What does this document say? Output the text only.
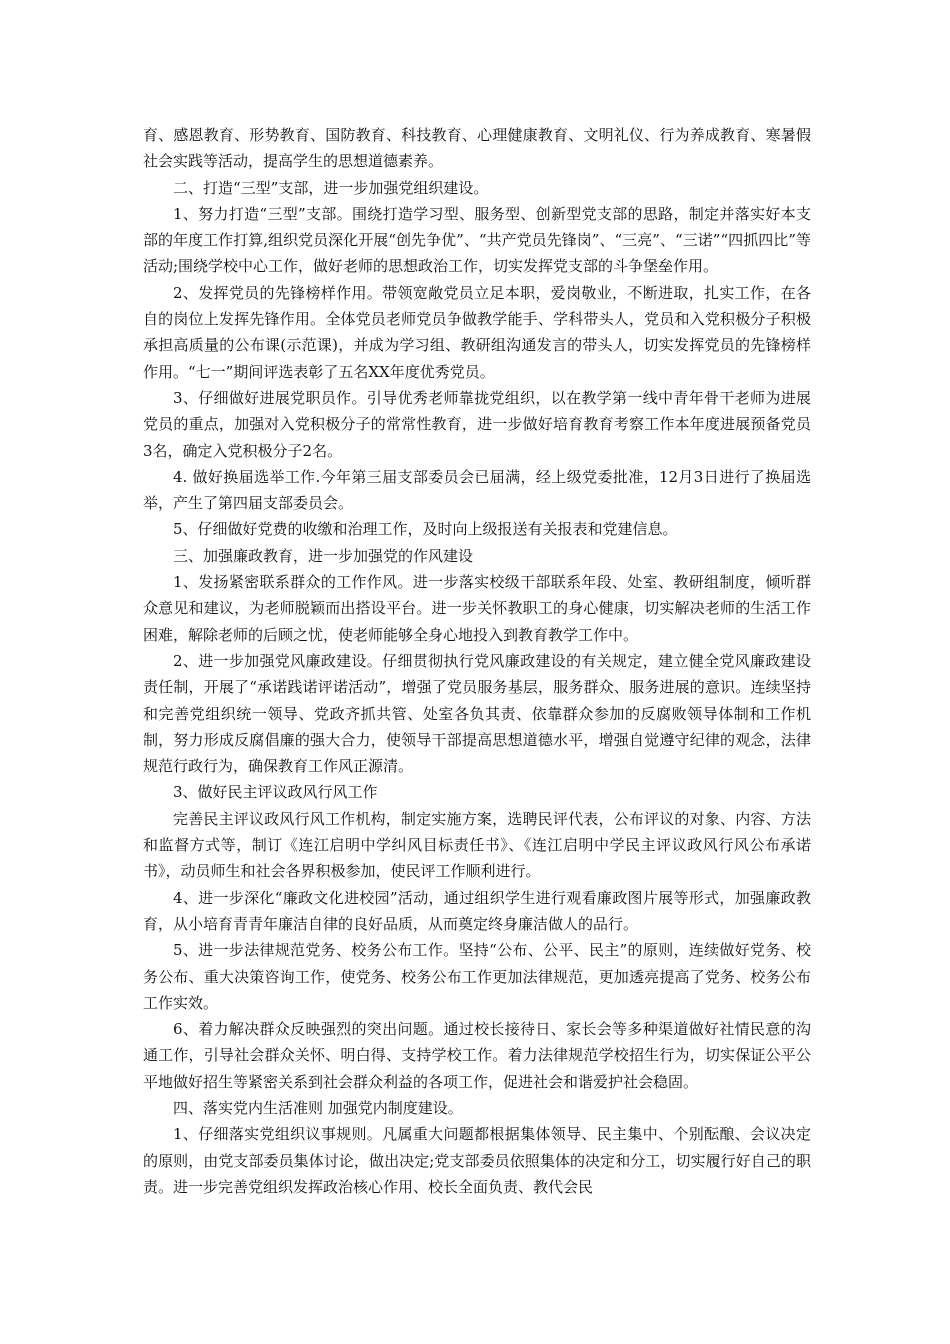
育、感恩教育、形势教育、国防教育、科技教育、心理健康教育、文明礼仪、行为养成教育、寒暑假社会实践等活动，提高学生的思想道德素养。

二、打造“三型”支部，进一步加强党组织建设。

1、努力打造“三型”支部。围绕打造学习型、服务型、创新型党支部的思路，制定并落实好本支部的年度工作打算,组织党员深化开展“创先争优”、“共产党员先锋岗”、“三亮”、“三诺”“四抓四比”等活动;围绕学校中心工作，做好老师的思想政治工作，切实发挥党支部的斗争堡垒作用。

2、发挥党员的先锋榜样作用。带领宽敞党员立足本职，爱岗敬业，不断进取，扎实工作，在各自的岗位上发挥先锋作用。全体党员老师党员争做教学能手、学科带头人，党员和入党积极分子积极承担高质量的公布课(示范课)，并成为学习组、教研组沟通发言的带头人，切实发挥党员的先锋榜样作用。“七一”期间评选表彰了五名XX年度优秀党员。

3、仔细做好进展党职员作。引导优秀老师靠拢党组织，以在教学第一线中青年骨干老师为进展党员的重点，加强对入党积极分子的常常性教育，进一步做好培育教育考察工作本年度进展预备党员3名，确定入党积极分子2名。

4. 做好换届选举工作.今年第三届支部委员会已届满，经上级党委批准，12月3日进行了换届选举，产生了第四届支部委员会。

5、仔细做好党费的收缴和治理工作，及时向上级报送有关报表和党建信息。

三、加强廉政教育，进一步加强党的作风建设

1、发扬紧密联系群众的工作作风。进一步落实校级干部联系年段、处室、教研组制度，倾听群众意见和建议，为老师脱颖而出搭设平台。进一步关怀教职工的身心健康，切实解决老师的生活工作困难，解除老师的后顾之忧，使老师能够全身心地投入到教育教学工作中。

2、进一步加强党风廉政建设。仔细贯彻执行党风廉政建设的有关规定，建立健全党风廉政建设责任制，开展了“承诺践诺评诺活动”，增强了党员服务基层，服务群众、服务进展的意识。连续坚持和完善党组织统一领导、党政齐抓共管、处室各负其责、依靠群众参加的反腐败领导体制和工作机制，努力形成反腐倡廉的强大合力，使领导干部提高思想道德水平，增强自觉遵守纪律的观念，法律规范行政行为，确保教育工作风正源清。

3、做好民主评议政风行风工作

完善民主评议政风行风工作机构，制定实施方案，选聘民评代表，公布评议的对象、内容、方法和监督方式等，制订《连江启明中学纠风目标责任书》、《连江启明中学民主评议政风行风公布承诺书》，动员师生和社会各界积极参加，使民评工作顺利进行。

4、进一步深化“廉政文化进校园”活动，通过组织学生进行观看廉政图片展等形式，加强廉政教育，从小培育青青年廉洁自律的良好品质，从而奠定终身廉洁做人的品行。

5、进一步法律规范党务、校务公布工作。坚持“公布、公平、民主”的原则，连续做好党务、校务公布、重大决策咨询工作，使党务、校务公布工作更加法律规范，更加透亮提高了党务、校务公布工作实效。

6、着力解决群众反映强烈的突出问题。通过校长接待日、家长会等多种渠道做好社情民意的沟通工作，引导社会群众关怀、明白得、支持学校工作。着力法律规范学校招生行为，切实保证公平公平地做好招生等紧密关系到社会群众利益的各项工作，促进社会和谐爱护社会稳固。

四、落实党内生活准则 加强党内制度建设。

1、仔细落实党组织议事规则。凡属重大问题都根据集体领导、民主集中、个别酝酿、会议决定的原则，由党支部委员集体讨论，做出决定;党支部委员依照集体的决定和分工，切实履行好自己的职责。进一步完善党组织发挥政治核心作用、校长全面负责、教代会民
